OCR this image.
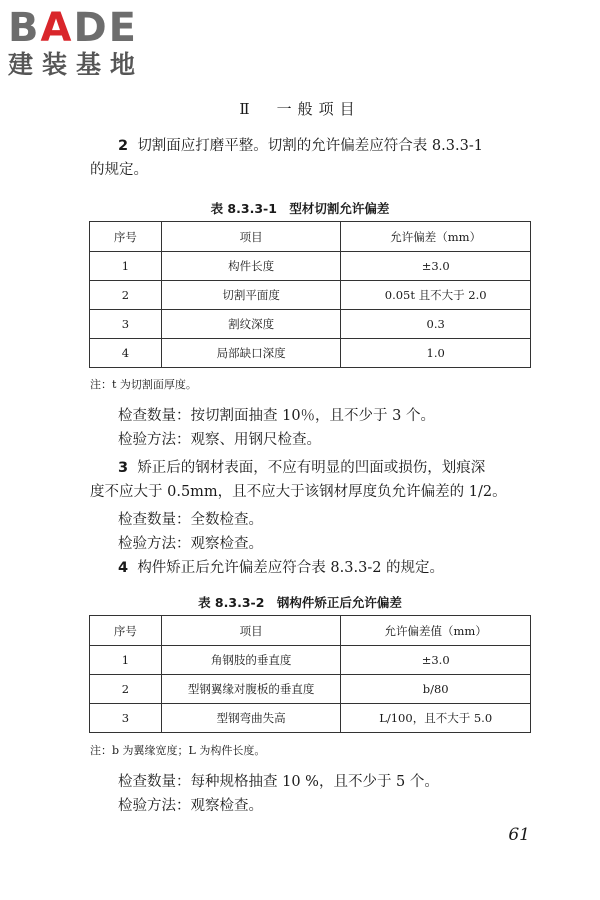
BADE
建装基地
Ⅱ　一般项目
2 切割面应打磨平整。切割的允许偏差应符合表 8.3.3-1
的规定。
表 8.3.3-1　型材切割允许偏差
序号	项目	允许偏差（mm）
1	构件长度	±3.0
2	切割平面度	0.05t 且不大于 2.0
3	割纹深度	0.3
4	局部缺口深度	1.0
注：t 为切割面厚度。
检查数量：按切割面抽查 10％，且不少于 3 个。
检验方法：观察、用钢尺检查。
3 矫正后的钢材表面，不应有明显的凹面或损伤，划痕深
度不应大于 0.5mm，且不应大于该钢材厚度负允许偏差的 1/2。
检查数量：全数检查。
检验方法：观察检查。
4 构件矫正后允许偏差应符合表 8.3.3-2 的规定。
表 8.3.3-2　钢构件矫正后允许偏差
序号	项目	允许偏差值（mm）
1	角钢肢的垂直度	±3.0
2	型钢翼缘对腹板的垂直度	b/80
3	型钢弯曲失高	L/100，且不大于 5.0
注：b 为翼缘宽度；L 为构件长度。
检查数量：每种规格抽查 10 %，且不少于 5 个。
检验方法：观察检查。
61
